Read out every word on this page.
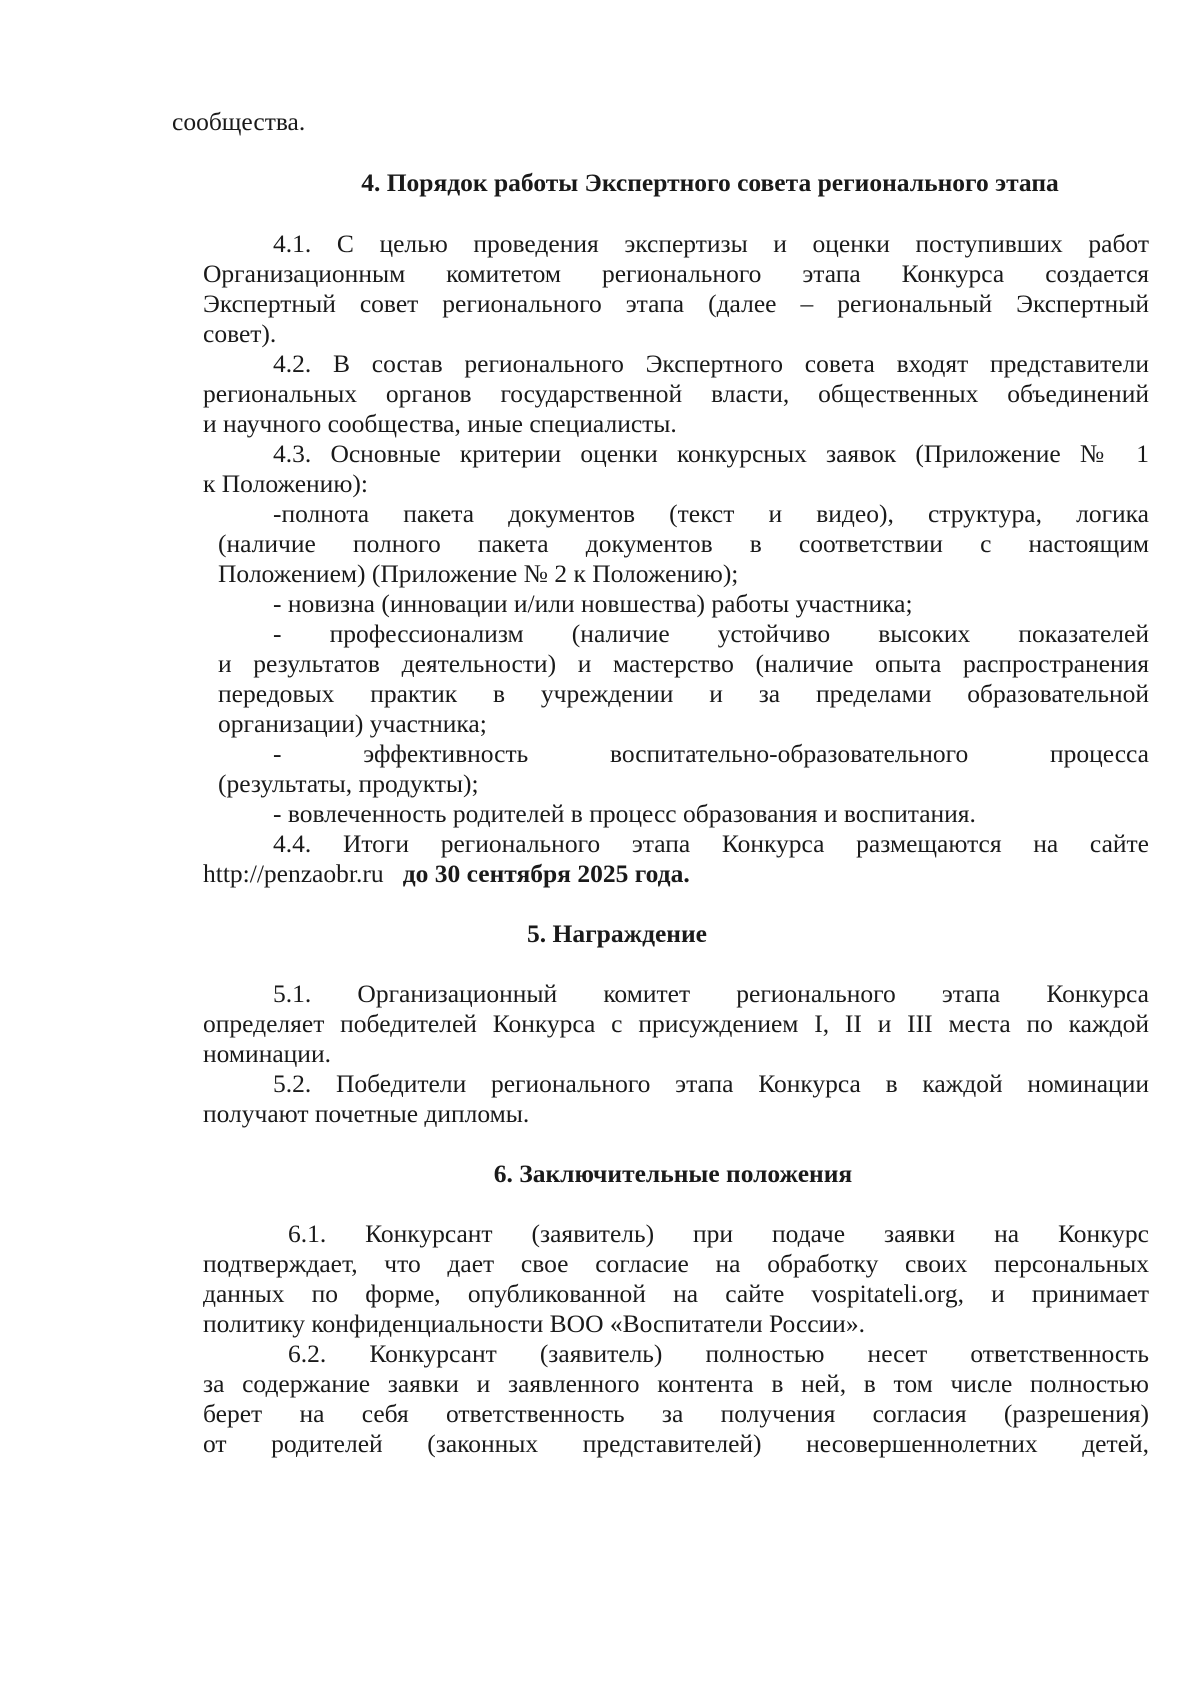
сообщества.
4. Порядок работы Экспертного совета регионального этапа
4.1. С целью проведения экспертизы и оценки поступивших работ
Организационным комитетом регионального этапа Конкурса создается
Экспертный совет регионального этапа (далее – региональный Экспертный
совет).
4.2. В состав регионального Экспертного совета входят представители
региональных органов государственной власти, общественных объединений
и научного сообщества, иные специалисты.
4.3. Основные критерии оценки конкурсных заявок (Приложение № 1
к Положению):
-полнота пакета документов (текст и видео), структура, логика
(наличие полного пакета документов в соответствии с настоящим
Положением) (Приложение № 2 к Положению);
- новизна (инновации и/или новшества) работы участника;
- профессионализм (наличие устойчиво высоких показателей
и результатов деятельности) и мастерство (наличие опыта распространения
передовых практик в учреждении и за пределами образовательной
организации) участника;
- эффективность воспитательно-образовательного процесса
(результаты, продукты);
- вовлеченность родителей в процесс образования и воспитания.
4.4. Итоги регионального этапа Конкурса размещаются на сайте
http://penzaobr.ru до 30 сентября 2025 года.
5. Награждение
5.1. Организационный комитет регионального этапа Конкурса
определяет победителей Конкурса с присуждением I, II и III места по каждой
номинации.
5.2. Победители регионального этапа Конкурса в каждой номинации
получают почетные дипломы.
6. Заключительные положения
6.1. Конкурсант (заявитель) при подаче заявки на Конкурс
подтверждает, что дает свое согласие на обработку своих персональных
данных по форме, опубликованной на сайте vospitateli.org, и принимает
политику конфиденциальности ВОО «Воспитатели России».
6.2. Конкурсант (заявитель) полностью несет ответственность
за содержание заявки и заявленного контента в ней, в том числе полностью
берет на себя ответственность за получения согласия (разрешения)
от родителей (законных представителей) несовершеннолетних детей,
